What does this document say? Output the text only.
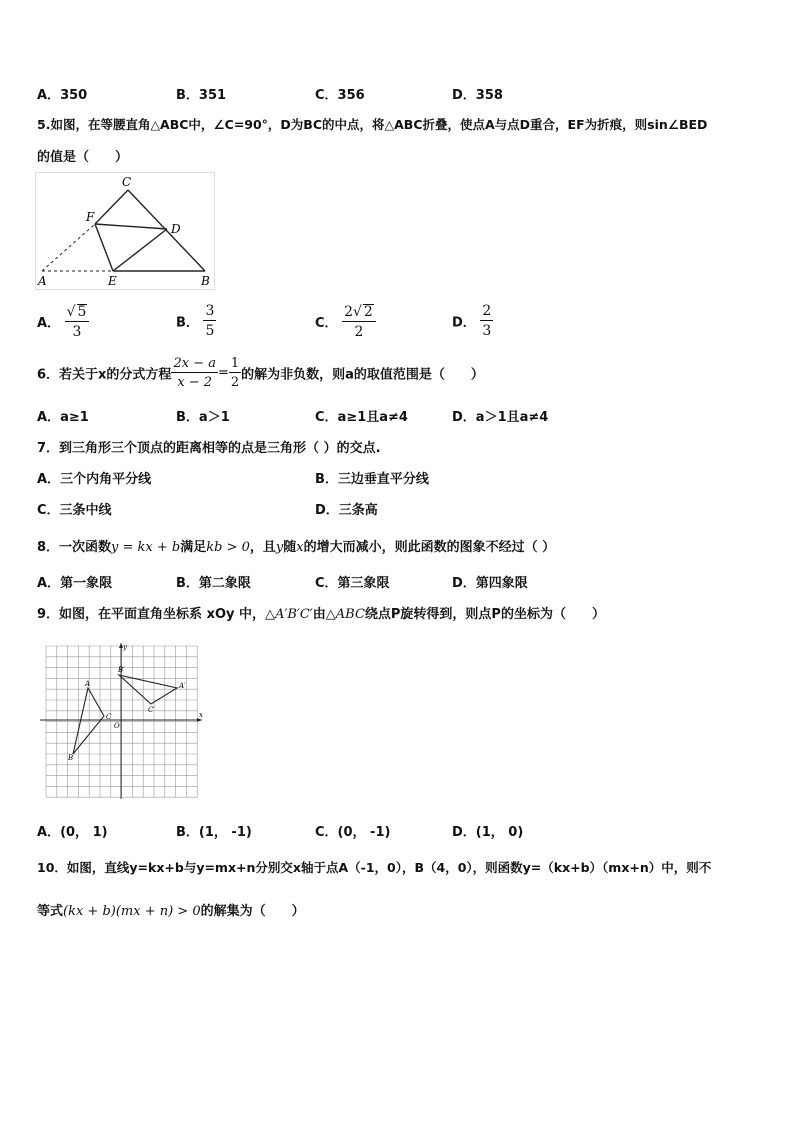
A．350	B．351	C．356	D．358
5.如图，在等腰直角△ABC中，∠C=90°，D为BC的中点，将△ABC折叠，使点A与点D重合，EF为折痕，则sin∠BED
的值是（　　）
C
F
D
A	E	B
A． $\frac{√ 5}{3}$	B． $\frac{3}{5}$	C． $\frac{2√ 2}{2}$	D． $\frac{2}{3}$
6．若关于x的分式方程 $\frac{2x - a}{x - 2} = \frac{1}{2}$ 的解为非负数，则a的取值范围是（　　）
A．a≥1	B．a＞1	C．a≥1且a≠4	D．a＞1且a≠4
7．到三角形三个顶点的距离相等的点是三角形（ ）的交点.
A．三个内角平分线	B．三边垂直平分线
C．三条中线	D．三条高
8．一次函数y = kx + b满足kb > 0，且y随x的增大而减小，则此函数的图象不经过（ ）
A．第一象限	B．第二象限	C．第三象限	D．第四象限
9．如图，在平面直角坐标系 xOy 中，△A′B′C′由△ABC绕点P旋转得到，则点P的坐标为（　　）
A
B
C
B′
A′
C′
O
x
y
A．(0， 1)	B．(1， -1)	C．(0， -1)	D．(1， 0)
10．如图，直线y=kx+b与y=mx+n分别交x轴于点A（-1，0），B（4，0），则函数y=（kx+b）（mx+n）中，则不
等式(kx + b)(mx + n) > 0的解集为（　　）
